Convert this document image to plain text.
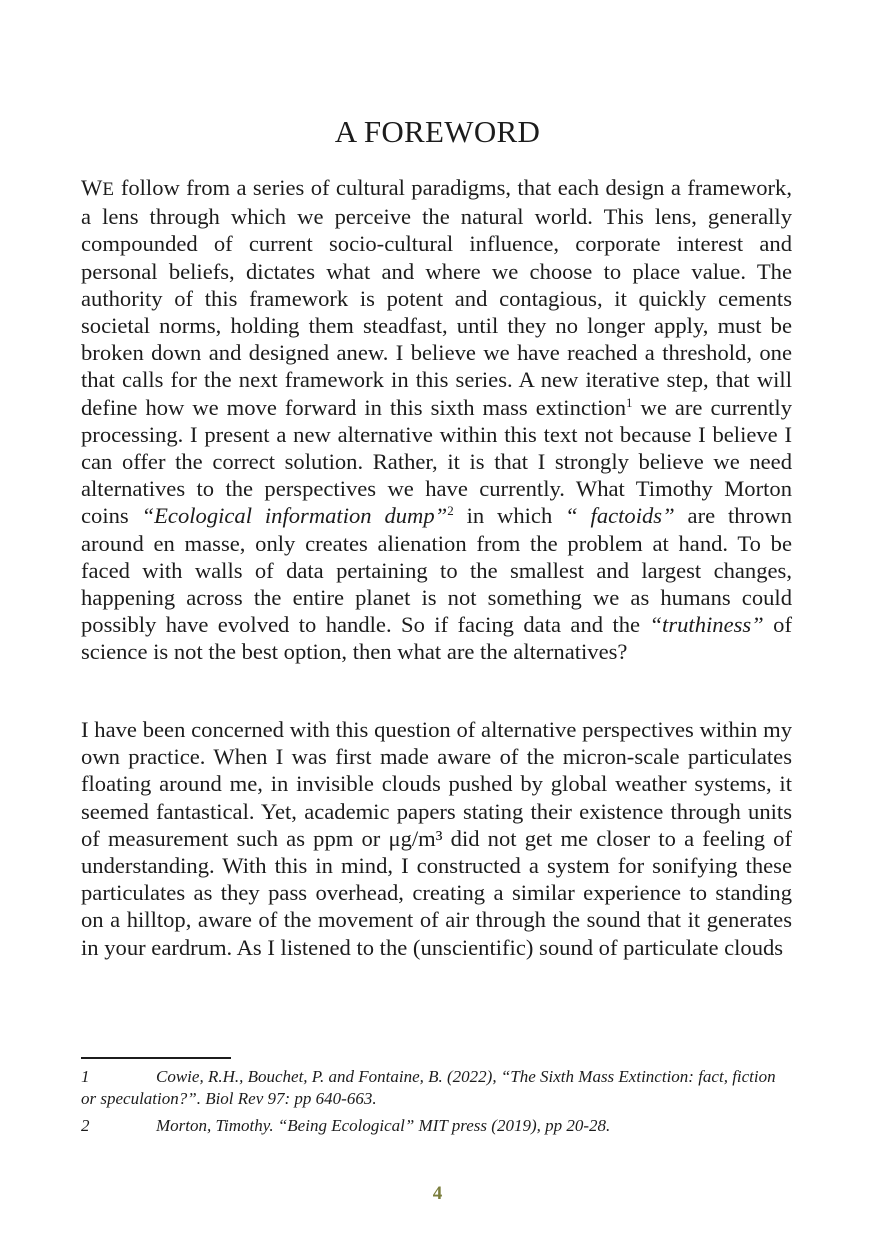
A FOREWORD

WE follow from a series of cultural paradigms, that each design a framework, a lens through which we perceive the natural world. This lens, generally compounded of current socio-cultural influence, corporate interest and personal beliefs, dictates what and where we choose to place value. The authority of this framework is potent and contagious, it quickly cements societal norms, holding them steadfast, until they no longer apply, must be broken down and designed anew. I believe we have reached a threshold, one that calls for the next framework in this series. A new iterative step, that will define how we move forward in this sixth mass extinction$^1$ we are currently processing. I present a new alternative within this text not because I believe I can offer the correct solution. Rather, it is that I strongly believe we need alternatives to the perspectives we have currently. What Timothy Morton coins “Ecological information dump”$^2$ in which “ factoids” are thrown around en masse, only creates alienation from the problem at hand. To be faced with walls of data pertaining to the smallest and largest changes, happening across the entire planet is not something we as humans could possibly have evolved to handle. So if facing data and the “truthiness” of science is not the best option, then what are the alternatives?

I have been concerned with this question of alternative perspectives within my own practice. When I was first made aware of the micron-scale particulates floating around me, in invisible clouds pushed by global weather systems, it seemed fantastical. Yet, academic papers stating their existence through units of measurement such as ppm or μg/m³ did not get me closer to a feeling of understanding. With this in mind, I constructed a system for sonifying these particulates as they pass overhead, creating a similar experience to standing on a hilltop, aware of the movement of air through the sound that it generates in your eardrum. As I listened to the (unscientific) sound of particulate clouds

1	Cowie, R.H., Bouchet, P. and Fontaine, B. (2022), “The Sixth Mass Extinction: fact, fiction or speculation?”. Biol Rev 97: pp 640-663.

2	Morton, Timothy. “Being Ecological” MIT press (2019), pp 20-28.

4
